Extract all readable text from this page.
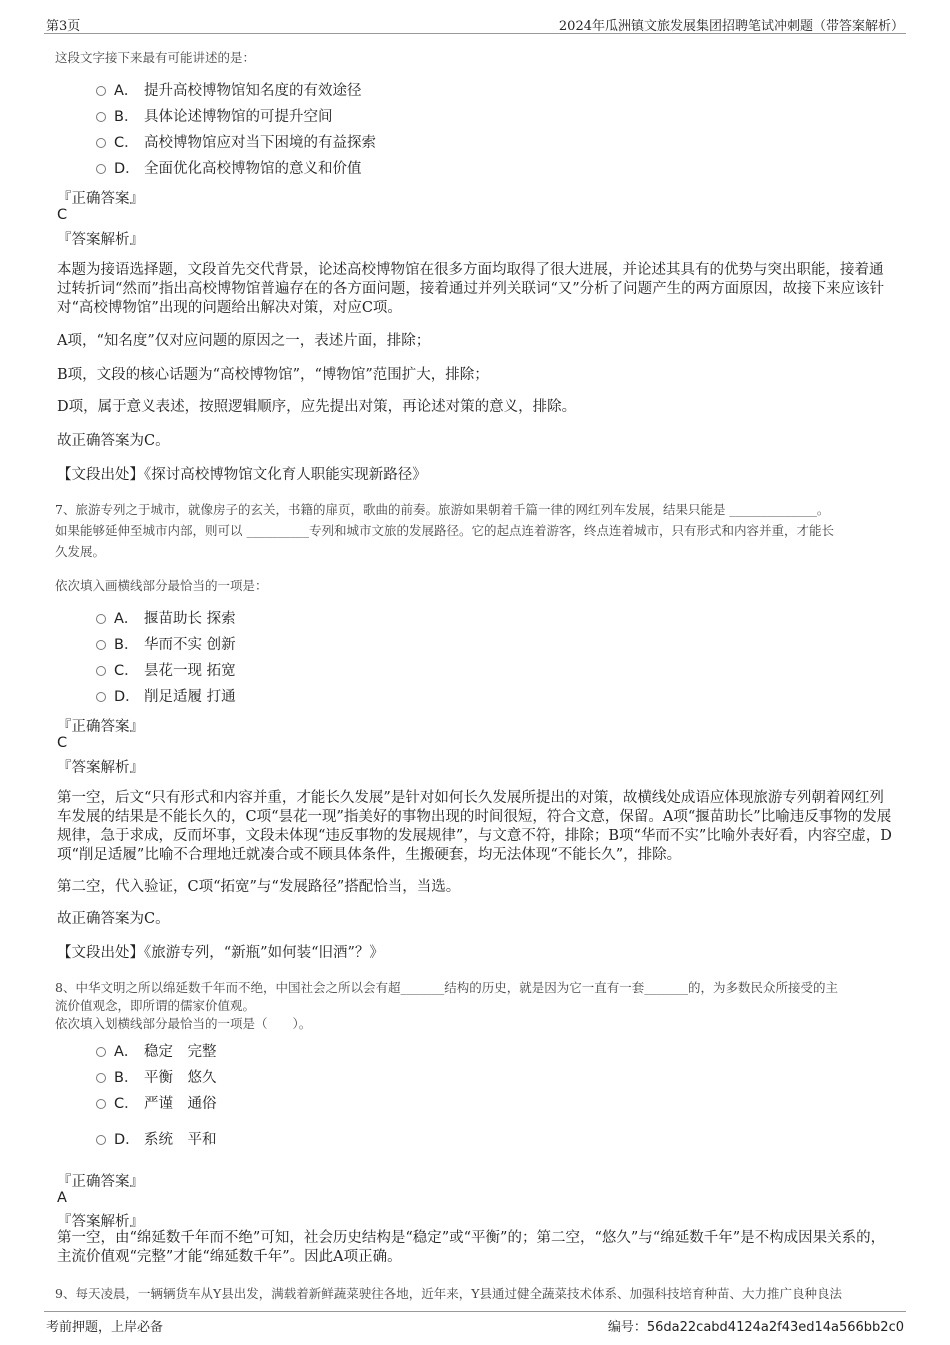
第3页	2024年瓜洲镇文旅发展集团招聘笔试冲刺题（带答案解析）
这段文字接下来最有可能讲述的是：
A． 提升高校博物馆知名度的有效途径
B． 具体论述博物馆的可提升空间
C． 高校博物馆应对当下困境的有益探索
D． 全面优化高校博物馆的意义和价值
『正确答案』
C
『答案解析』
本题为接语选择题，文段首先交代背景，论述高校博物馆在很多方面均取得了很大进展，并论述其具有的优势与突出职能，接着通过转折词“然而”指出高校博物馆普遍存在的各方面问题，接着通过并列关联词“又”分析了问题产生的两方面原因，故接下来应该针对“高校博物馆”出现的问题给出解决对策，对应C项。
A项，“知名度”仅对应问题的原因之一，表述片面，排除；
B项，文段的核心话题为“高校博物馆”，“博物馆”范围扩大，排除；
D项，属于意义表述，按照逻辑顺序，应先提出对策，再论述对策的意义，排除。
故正确答案为C。
【文段出处】《探讨高校博物馆文化育人职能实现新路径》
7、旅游专列之于城市，就像房子的玄关，书籍的扉页，歌曲的前奏。旅游如果朝着千篇一律的网红列车发展，结果只能是 ______________。
如果能够延伸至城市内部，则可以 __________专列和城市文旅的发展路径。它的起点连着游客，终点连着城市，只有形式和内容并重，才能长
久发展。
依次填入画横线部分最恰当的一项是：
A． 揠苗助长 探索
B． 华而不实 创新
C． 昙花一现 拓宽
D． 削足适履 打通
『正确答案』
C
『答案解析』
第一空，后文“只有形式和内容并重，才能长久发展”是针对如何长久发展所提出的对策，故横线处成语应体现旅游专列朝着网红列车发展的结果是不能长久的，C项“昙花一现”指美好的事物出现的时间很短，符合文意，保留。A项“揠苗助长”比喻违反事物的发展规律，急于求成，反而坏事，文段未体现“违反事物的发展规律”，与文意不符，排除；B项“华而不实”比喻外表好看，内容空虚，D项“削足适履”比喻不合理地迁就凑合或不顾具体条件，生搬硬套，均无法体现“不能长久”，排除。
第二空，代入验证，C项“拓宽”与“发展路径”搭配恰当，当选。
故正确答案为C。
【文段出处】《旅游专列，“新瓶”如何装“旧酒”？》
8、中华文明之所以绵延数千年而不绝，中国社会之所以会有超_______结构的历史，就是因为它一直有一套_______的，为多数民众所接受的主
流价值观念，即所谓的儒家价值观。
依次填入划横线部分最恰当的一项是（　　）。
A． 稳定　完整
B． 平衡　悠久
C． 严谨　通俗
D． 系统　平和
『正确答案』
A
『答案解析』
第一空，由“绵延数千年而不绝”可知，社会历史结构是“稳定”或“平衡”的；第二空，“悠久”与“绵延数千年”是不构成因果关系的，主流价值观“完整”才能“绵延数千年”。因此A项正确。
9、每天凌晨，一辆辆货车从Y县出发，满载着新鲜蔬菜驶往各地，近年来，Y县通过健全蔬菜技术体系、加强科技培育种苗、大力推广良种良法
考前押题，上岸必备	编号：56da22cabd4124a2f43ed14a566bb2c0
